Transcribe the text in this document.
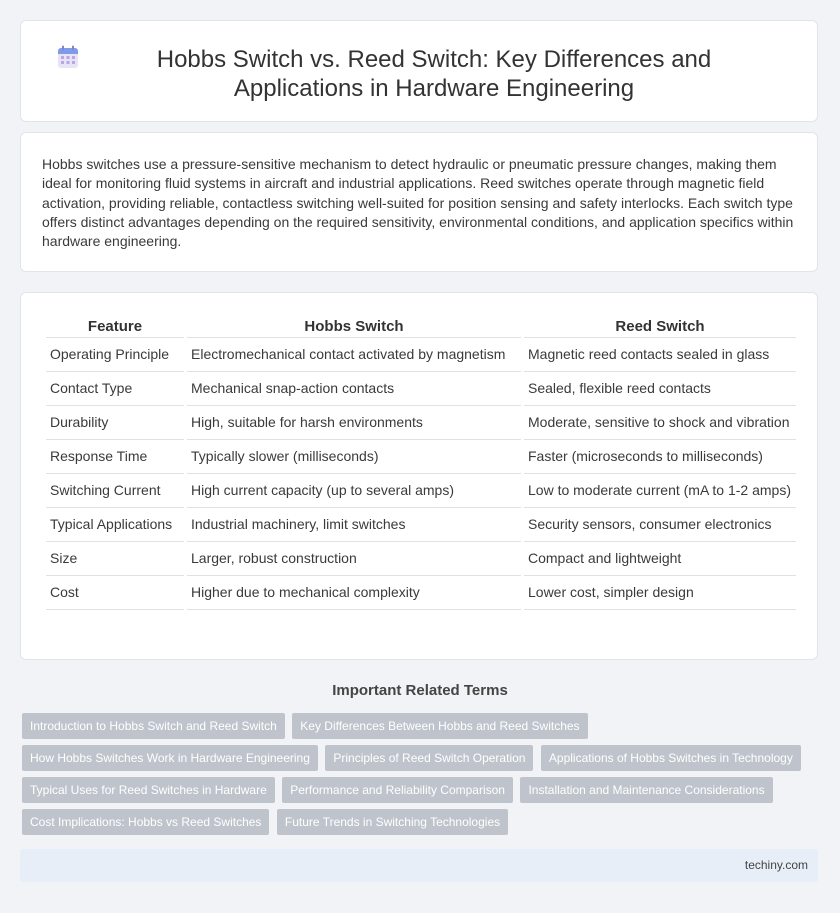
Hobbs Switch vs. Reed Switch: Key Differences and Applications in Hardware Engineering

Hobbs switches use a pressure-sensitive mechanism to detect hydraulic or pneumatic pressure changes, making them ideal for monitoring fluid systems in aircraft and industrial applications. Reed switches operate through magnetic field activation, providing reliable, contactless switching well-suited for position sensing and safety interlocks. Each switch type offers distinct advantages depending on the required sensitivity, environmental conditions, and application specifics within hardware engineering.

Feature	Hobbs Switch	Reed Switch
Operating Principle	Electromechanical contact activated by magnetism	Magnetic reed contacts sealed in glass
Contact Type	Mechanical snap-action contacts	Sealed, flexible reed contacts
Durability	High, suitable for harsh environments	Moderate, sensitive to shock and vibration
Response Time	Typically slower (milliseconds)	Faster (microseconds to milliseconds)
Switching Current	High current capacity (up to several amps)	Low to moderate current (mA to 1-2 amps)
Typical Applications	Industrial machinery, limit switches	Security sensors, consumer electronics
Size	Larger, robust construction	Compact and lightweight
Cost	Higher due to mechanical complexity	Lower cost, simpler design
Important Related Terms
Introduction to Hobbs Switch and Reed Switch Key Differences Between Hobbs and Reed Switches How Hobbs Switches Work in Hardware Engineering Principles of Reed Switch Operation Applications of Hobbs Switches in Technology Typical Uses for Reed Switches in Hardware Performance and Reliability Comparison Installation and Maintenance Considerations Cost Implications: Hobbs vs Reed Switches Future Trends in Switching Technologies
techiny.com
